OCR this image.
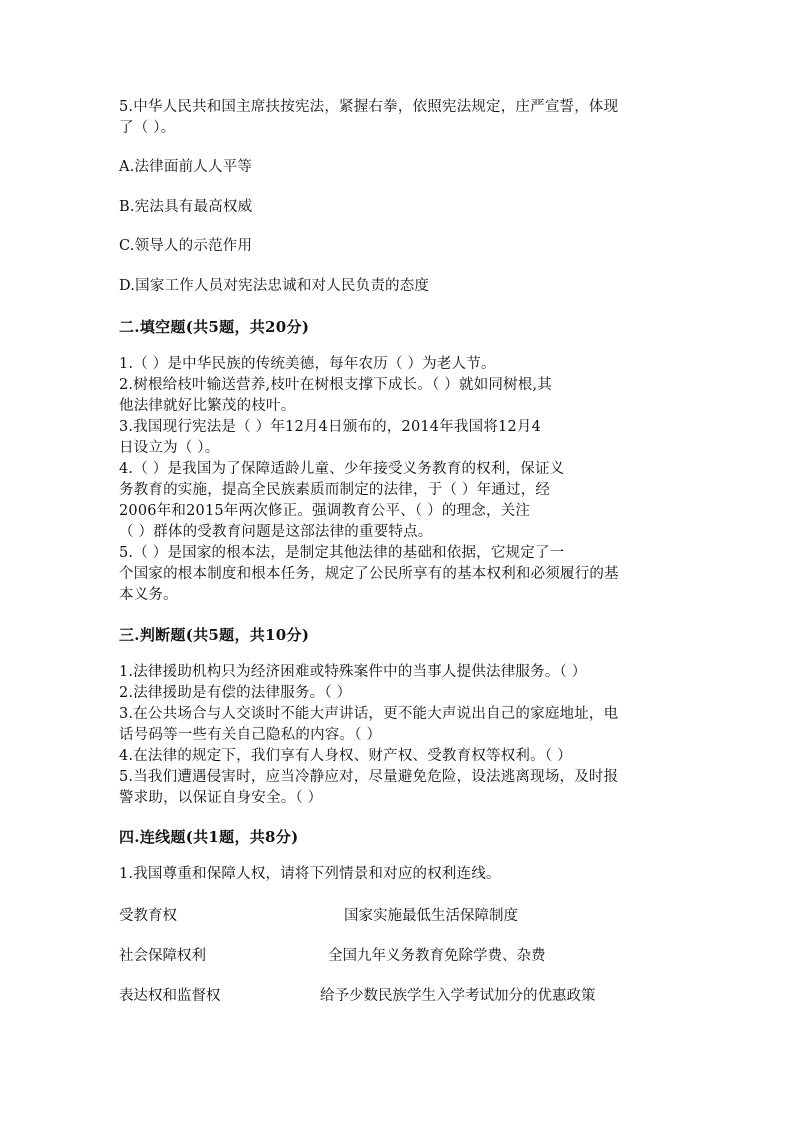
5.中华人民共和国主席扶按宪法，紧握右拳，依照宪法规定，庄严宣誓，体现
了（ ）。
A.法律面前人人平等
B.宪法具有最高权威
C.领导人的示范作用
D.国家工作人员对宪法忠诚和对人民负责的态度
二.填空题(共5题，共20分)
1.（ ）是中华民族的传统美德，每年农历（ ）为老人节。
2.树根给枝叶输送营养,枝叶在树根支撑下成长。（ ）就如同树根,其
他法律就好比繁茂的枝叶。
3.我国现行宪法是（ ）年12月4日颁布的，2014年我国将12月4
日设立为（ ）。
4.（ ）是我国为了保障适龄儿童、少年接受义务教育的权利，保证义
务教育的实施，提高全民族素质而制定的法律，于（ ）年通过，经
2006年和2015年两次修正。强调教育公平、（ ）的理念，关注
（ ）群体的受教育问题是这部法律的重要特点。
5.（ ）是国家的根本法，是制定其他法律的基础和依据，它规定了一
个国家的根本制度和根本任务，规定了公民所享有的基本权利和必须履行的基
本义务。
三.判断题(共5题，共10分)
1.法律援助机构只为经济困难或特殊案件中的当事人提供法律服务。（ ）
2.法律援助是有偿的法律服务。（ ）
3.在公共场合与人交谈时不能大声讲话，更不能大声说出自己的家庭地址，电
话号码等一些有关自己隐私的内容。（ ）
4.在法律的规定下，我们享有人身权、财产权、受教育权等权利。（ ）
5.当我们遭遇侵害时，应当冷静应对，尽量避免危险，设法逃离现场，及时报
警求助，以保证自身安全。（ ）
四.连线题(共1题，共8分)
1.我国尊重和保障人权，请将下列情景和对应的权利连线。
受教育权	国家实施最低生活保障制度
社会保障权利	全国九年义务教育免除学费、杂费
表达权和监督权	给予少数民族学生入学考试加分的优惠政策
